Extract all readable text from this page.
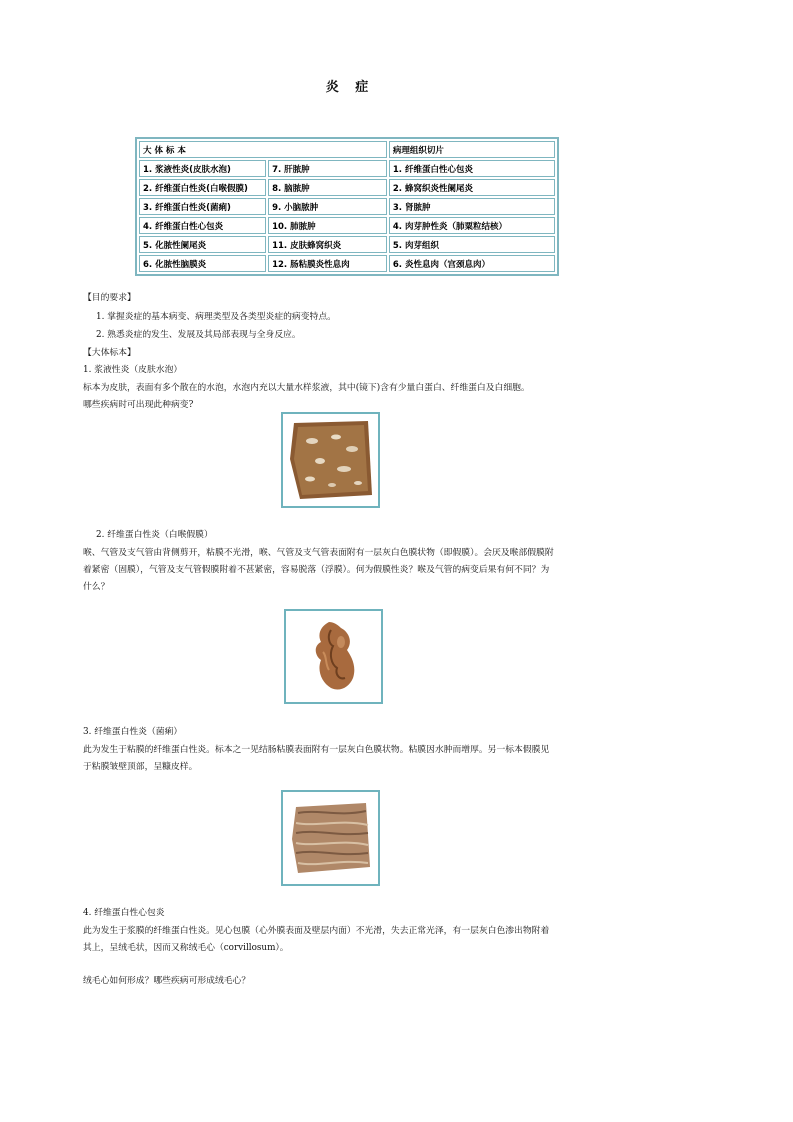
炎 症
大 体 标 本		病理组织切片
1. 浆液性炎(皮肤水泡)	7. 肝脓肿	1. 纤维蛋白性心包炎
2. 纤维蛋白性炎(白喉假膜)	8. 脑脓肿	2. 蜂窝织炎性阑尾炎
3. 纤维蛋白性炎(菌痢)	9. 小脑脓肿	3. 肾脓肿
4. 纤维蛋白性心包炎	10. 肺脓肿	4. 肉芽肿性炎（肺粟粒结核）
5. 化脓性阑尾炎	11. 皮肤蜂窝织炎	5. 肉芽组织
6. 化脓性脑膜炎	12. 肠粘膜炎性息肉	6. 炎性息肉（宫颈息肉）
【目的要求】
1. 掌握炎症的基本病变、病理类型及各类型炎症的病变特点。
2. 熟悉炎症的发生、发展及其局部表现与全身反应。
【大体标本】
1. 浆液性炎（皮肤水泡）
标本为皮肤，表面有多个散在的水泡，水泡内充以大量水样浆液，其中(镜下)含有少量白蛋白、纤维蛋白及白细胞。
哪些疾病时可出现此种病变?
2. 纤维蛋白性炎（白喉假膜）
喉、气管及支气管由背侧剪开，粘膜不光滑，喉、气管及支气管表面附有一层灰白色膜状物（即假膜）。会厌及喉部假膜附
着紧密（固膜），气管及支气管假膜附着不甚紧密，容易脱落（浮膜）。何为假膜性炎？喉及气管的病变后果有何不同？为
什么？
3. 纤维蛋白性炎（菌痢）
此为发生于粘膜的纤维蛋白性炎。标本之一见结肠粘膜表面附有一层灰白色膜状物。粘膜因水肿而增厚。另一标本假膜见
于粘膜皱壁顶部，呈糠皮样。
4. 纤维蛋白性心包炎
此为发生于浆膜的纤维蛋白性炎。见心包膜（心外膜表面及壁层内面）不光滑，失去正常光泽，有一层灰白色渗出物附着
其上，呈绒毛状，因而又称绒毛心（corvillosum）。
绒毛心如何形成？哪些疾病可形成绒毛心？
